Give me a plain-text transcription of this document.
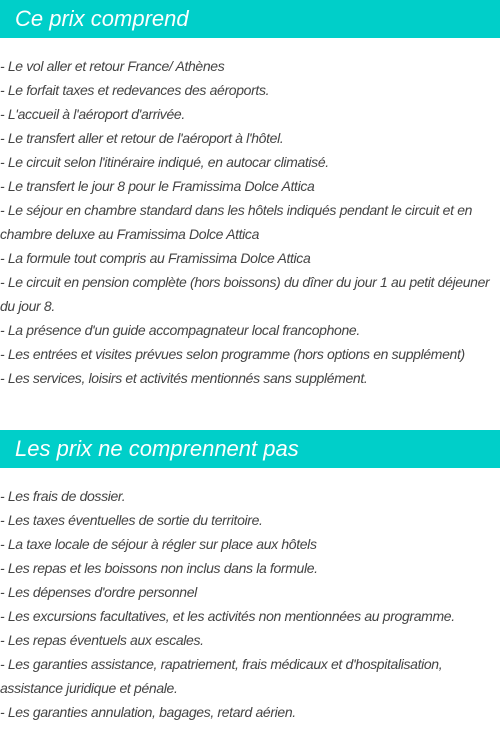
Ce prix comprend
- Le vol aller et retour France/ Athènes
- Le forfait taxes et redevances des aéroports.
- L'accueil à l'aéroport d'arrivée.
- Le transfert aller et retour de l'aéroport à l'hôtel.
- Le circuit selon l'itinéraire indiqué, en autocar climatisé.
- Le transfert le jour 8 pour le Framissima Dolce Attica
- Le séjour en chambre standard dans les hôtels indiqués pendant le circuit et en chambre deluxe au Framissima Dolce Attica
- La formule tout compris au Framissima Dolce Attica
- Le circuit en pension complète (hors boissons) du dîner du jour 1 au petit déjeuner du jour 8.
- La présence d'un guide accompagnateur local francophone.
- Les entrées et visites prévues selon programme (hors options en supplément)
- Les services, loisirs et activités mentionnés sans supplément.
Les prix ne comprennent pas
- Les frais de dossier.
- Les taxes éventuelles de sortie du territoire.
- La taxe locale de séjour à régler sur place aux hôtels
- Les repas et les boissons non inclus dans la formule.
- Les dépenses d'ordre personnel
- Les excursions facultatives, et les activités non mentionnées au programme.
- Les repas éventuels aux escales.
- Les garanties assistance, rapatriement, frais médicaux et d'hospitalisation, assistance juridique et pénale.
- Les garanties annulation, bagages, retard aérien.
